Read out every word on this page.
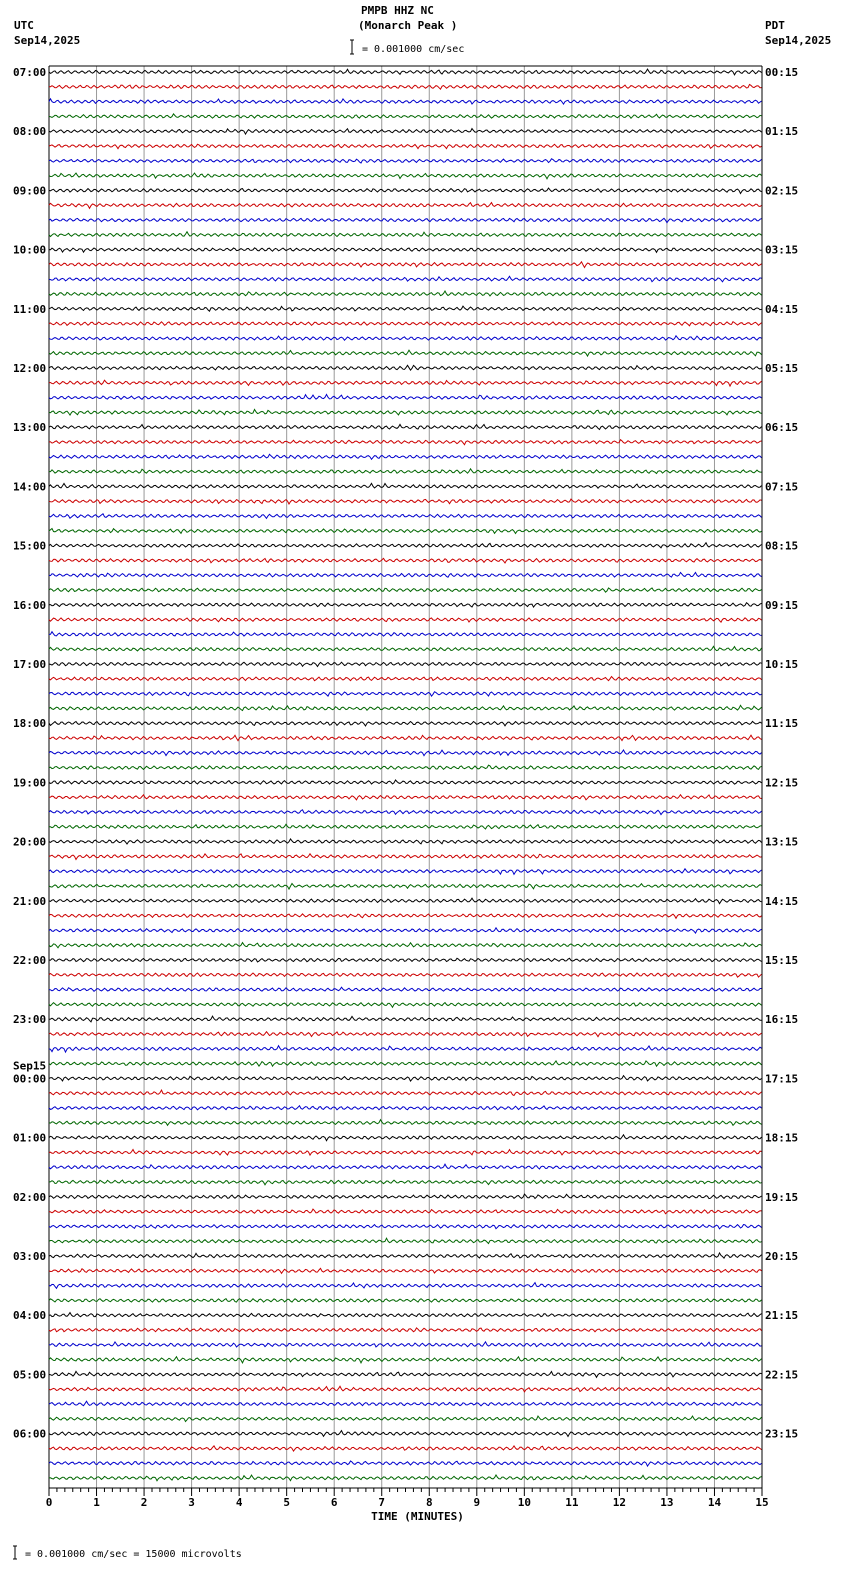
PMPB HHZ NC
(Monarch Peak )
UTC
Sep14,2025
PDT
Sep14,2025
= 0.001000 cm/sec
= 0.001000 cm/sec = 15000 microvolts
07:00
08:00
09:00
10:00
11:00
12:00
13:00
14:00
15:00
16:00
17:00
18:00
19:00
20:00
21:00
22:00
23:00
00:00
Sep15
01:00
02:00
03:00
04:00
05:00
06:00
00:15
01:15
02:15
03:15
04:15
05:15
06:15
07:15
08:15
09:15
10:15
11:15
12:15
13:15
14:15
15:15
16:15
17:15
18:15
19:15
20:15
21:15
22:15
23:15
0	1	2	3	4	5	6	7	8	9	10	11	12	13	14	15
TIME (MINUTES)
